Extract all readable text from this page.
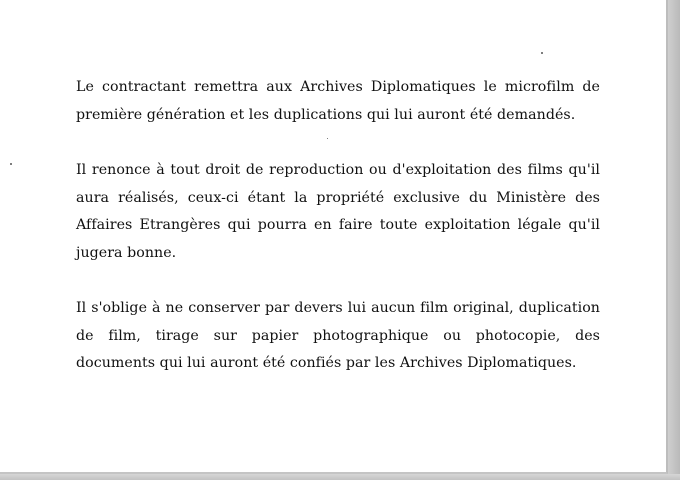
Le contractant remettra aux Archives Diplomatiques le microfilm de première génération et les duplications qui lui auront été demandés.

Il renonce à tout droit de reproduction ou d'exploitation des films qu'il aura réalisés, ceux-ci étant la propriété exclusive du Ministère des Affaires Etrangères qui pourra en faire toute exploitation légale qu'il jugera bonne.

Il s'oblige à ne conserver par devers lui aucun film original, duplication de film, tirage sur papier photographique ou photocopie, des documents qui lui auront été confiés par les Archives Diplomatiques.
